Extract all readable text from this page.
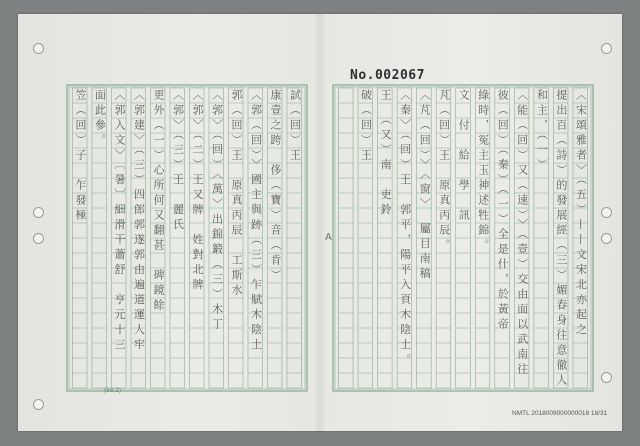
No.002067
A
(88.2)
NMTL 2018009000000018 18/31
〈宋頌雅者〉（五）——文宋北亦起之
提出百（詩）的發展經（三）媚春身往意徹人
和主，（一）
〈能（回）又（速）〉（壹）交由面以武南往
彼（回）（秦）（一）全是什，於黃帝
綠時，冤主玉神述牲錦。
文　付　給　學　訊
芃（回）王　原真丙辰。
〈芃（回）〉〈窗〉　屬目南稿
〈秦〉（回）王　郭平，陽平入頁木陰土。
王　（又）南　吏鈴
破（回）王
試（回）王
康壹之跨　侈（寶）音（肯）
〈郭（回）〉國主與跡（三）乍賦木陰土
郭（回）王　原真丙辰　工斯水
〈郭〉（回）〈萬〉出錦鍛（三）木丁
〈郭〉（二）王又牌　姓對北牌
〈郭〉（三）王　麗氏
更外（一）心所何又翻甚　碑鏡餘
〈郭建〉（三）四郎郭遂郭由遍道運人牢
〈郭入文〉〔暑〕細滑干蕭舒　亨元十三
面此參。
笠（回）子　乍發極
